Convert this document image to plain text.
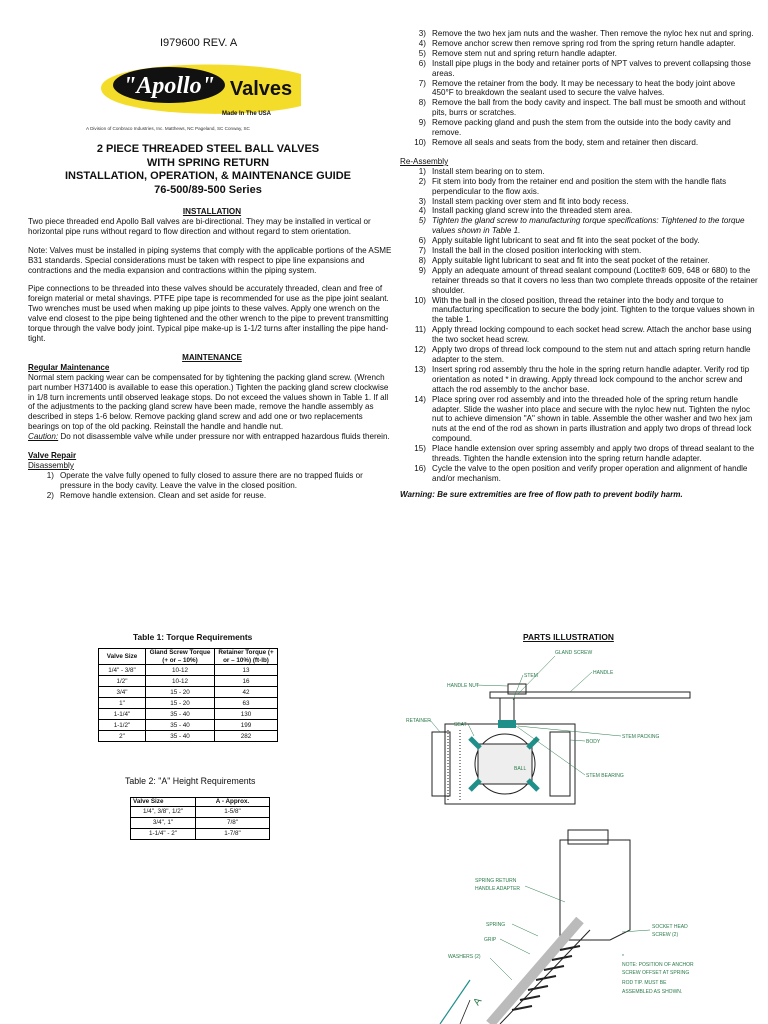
I979600 REV. A
"Apollo" Valves
Made In The USA
A Division of Conbraco Industries, Inc. Matthews, NC Pageland, SC Conway, SC
2 PIECE THREADED STEEL BALL VALVES
WITH SPRING RETURN
INSTALLATION, OPERATION, & MAINTENANCE GUIDE
76-500/89-500 Series

INSTALLATION

Two piece threaded end Apollo Ball valves are bi-directional. They may be installed in vertical or horizontal pipe runs without regard to flow direction and without regard to stem orientation.

Note: Valves must be installed in piping systems that comply with the applicable portions of the ASME B31 standards. Special considerations must be taken with respect to pipe line expansions and contractions and the media expansion and contractions within the piping system.

Pipe connections to be threaded into these valves should be accurately threaded, clean and free of foreign material or metal shavings. PTFE pipe tape is recommended for use as the pipe joint sealant. Two wrenches must be used when making up pipe joints to these valves. Apply one wrench on the valve end closest to the pipe being tightened and the other wrench to the pipe to prevent transmitting torque through the valve body joint. Typical pipe make-up is 1-1/2 turns after installing the pipe hand-tight.

MAINTENANCE

Regular Maintenance

Normal stem packing wear can be compensated for by tightening the packing gland screw. (Wrench part number H371400 is available to ease this operation.) Tighten the packing gland screw clockwise in 1/8 turn increments until observed leakage stops. Do not exceed the values shown in Table 1. If all of the adjustments to the packing gland screw have been made, remove the handle assembly as described in steps 1-6 below. Remove packing gland screw and add one or two replacements bearings on top of the old packing. Reinstall the handle and handle nut.

Caution: Do not disassemble valve while under pressure nor with entrapped hazardous fluids therein.

Valve Repair

Disassembly

1) Operate the valve fully opened to fully closed to assure there are no trapped fluids or pressure in the body cavity. Leave the valve in the closed position.
2) Remove handle extension. Clean and set aside for reuse.
3) Remove the two hex jam nuts and the washer. Then remove the nyloc hex nut and spring.
4) Remove anchor screw then remove spring rod from the spring return handle adapter.
5) Remove stem nut and spring return handle adapter.
6) Install pipe plugs in the body and retainer ports of NPT valves to prevent collapsing those areas.
7) Remove the retainer from the body. It may be necessary to heat the body joint above 450°F to breakdown the sealant used to secure the valve halves.
8) Remove the ball from the body cavity and inspect. The ball must be smooth and without pits, burrs or scratches.
9) Remove packing gland and push the stem from the outside into the body cavity and remove.
10) Remove all seals and seats from the body, stem and retainer then discard.

Re-Assembly

1) Install stem bearing on to stem.
2) Fit stem into body from the retainer end and position the stem with the handle flats perpendicular to the flow axis.
3) Install stem packing over stem and fit into body recess.
4) Install packing gland screw into the threaded stem area.
5) Tighten the gland screw to manufacturing torque specifications: Tightened to the torque values shown in Table 1.
6) Apply suitable light lubricant to seat and fit into the seat pocket of the body.
7) Install the ball in the closed position interlocking with stem.
8) Apply suitable light lubricant to seat and fit into the seat pocket of the retainer.
9) Apply an adequate amount of thread sealant compound (Loctite® 609, 648 or 680) to the retainer threads so that it covers no less than two complete threads opposite of the retainer shoulder.
10) With the ball in the closed position, thread the retainer into the body and torque to manufacturing specification to secure the body joint. Tighten to the torque values shown in the table 1.
11) Apply thread locking compound to each socket head screw. Attach the anchor base using the two socket head screw.
12) Apply two drops of thread lock compound to the stem nut and attach spring return handle adapter to the stem.
13) Insert spring rod assembly thru the hole in the spring return handle adapter. Verify rod tip orientation as noted * in drawing. Apply thread lock compound to the anchor screw and attach the rod assembly to the anchor base.
14) Place spring over rod assembly and into the threaded hole of the spring return handle adapter. Slide the washer into place and secure with the nyloc hew nut. Tighten the nyloc nut to achieve dimension "A" shown in table. Assemble the other washer and two hex jam nuts at the end of the rod as shown in parts illustration and apply two drops of thread lock compound.
15) Place handle extension over spring assembly and apply two drops of thread sealant to the threads. Tighten the handle extension into the spring return handle adapter.
16) Cycle the valve to the open position and verify proper operation and alignment of handle and/or mechanism.

Warning: Be sure extremities are free of flow path to prevent bodily harm.

Table 1: Torque Requirements
Valve Size	Gland Screw Torque (+ or – 10%)	Retainer Torque (+ or – 10%) (ft-lb)
1/4" - 3/8"	10-12	13
1/2"	10-12	16
3/4"	15 - 20	42
1"	15 - 20	63
1-1/4"	35 - 40	130
1-1/2"	35 - 40	199
2"	35 - 40	282
Table 2: "A" Height Requirements
Valve Size	A - Approx.
1/4", 3/8", 1/2"	1-5/8"
3/4", 1"	7/8"
1-1/4" - 2"	1-7/8"
PARTS ILLUSTRATION
GLAND SCREW
HANDLE
HANDLE NUT
STEM
RETAINER
SEAT
BODY
STEM PACKING
BALL
STEM BEARING
SPRING RETURN
HANDLE ADAPTER
SPRING
GRIP
WASHERS (2)
SOCKET HEAD
SCREW (2)
*
NOTE: POSITION OF ANCHOR
SCREW OFFSET AT SPRING
ROD TIP. MUST BE
ASSEMBLED AS SHOWN.
A
